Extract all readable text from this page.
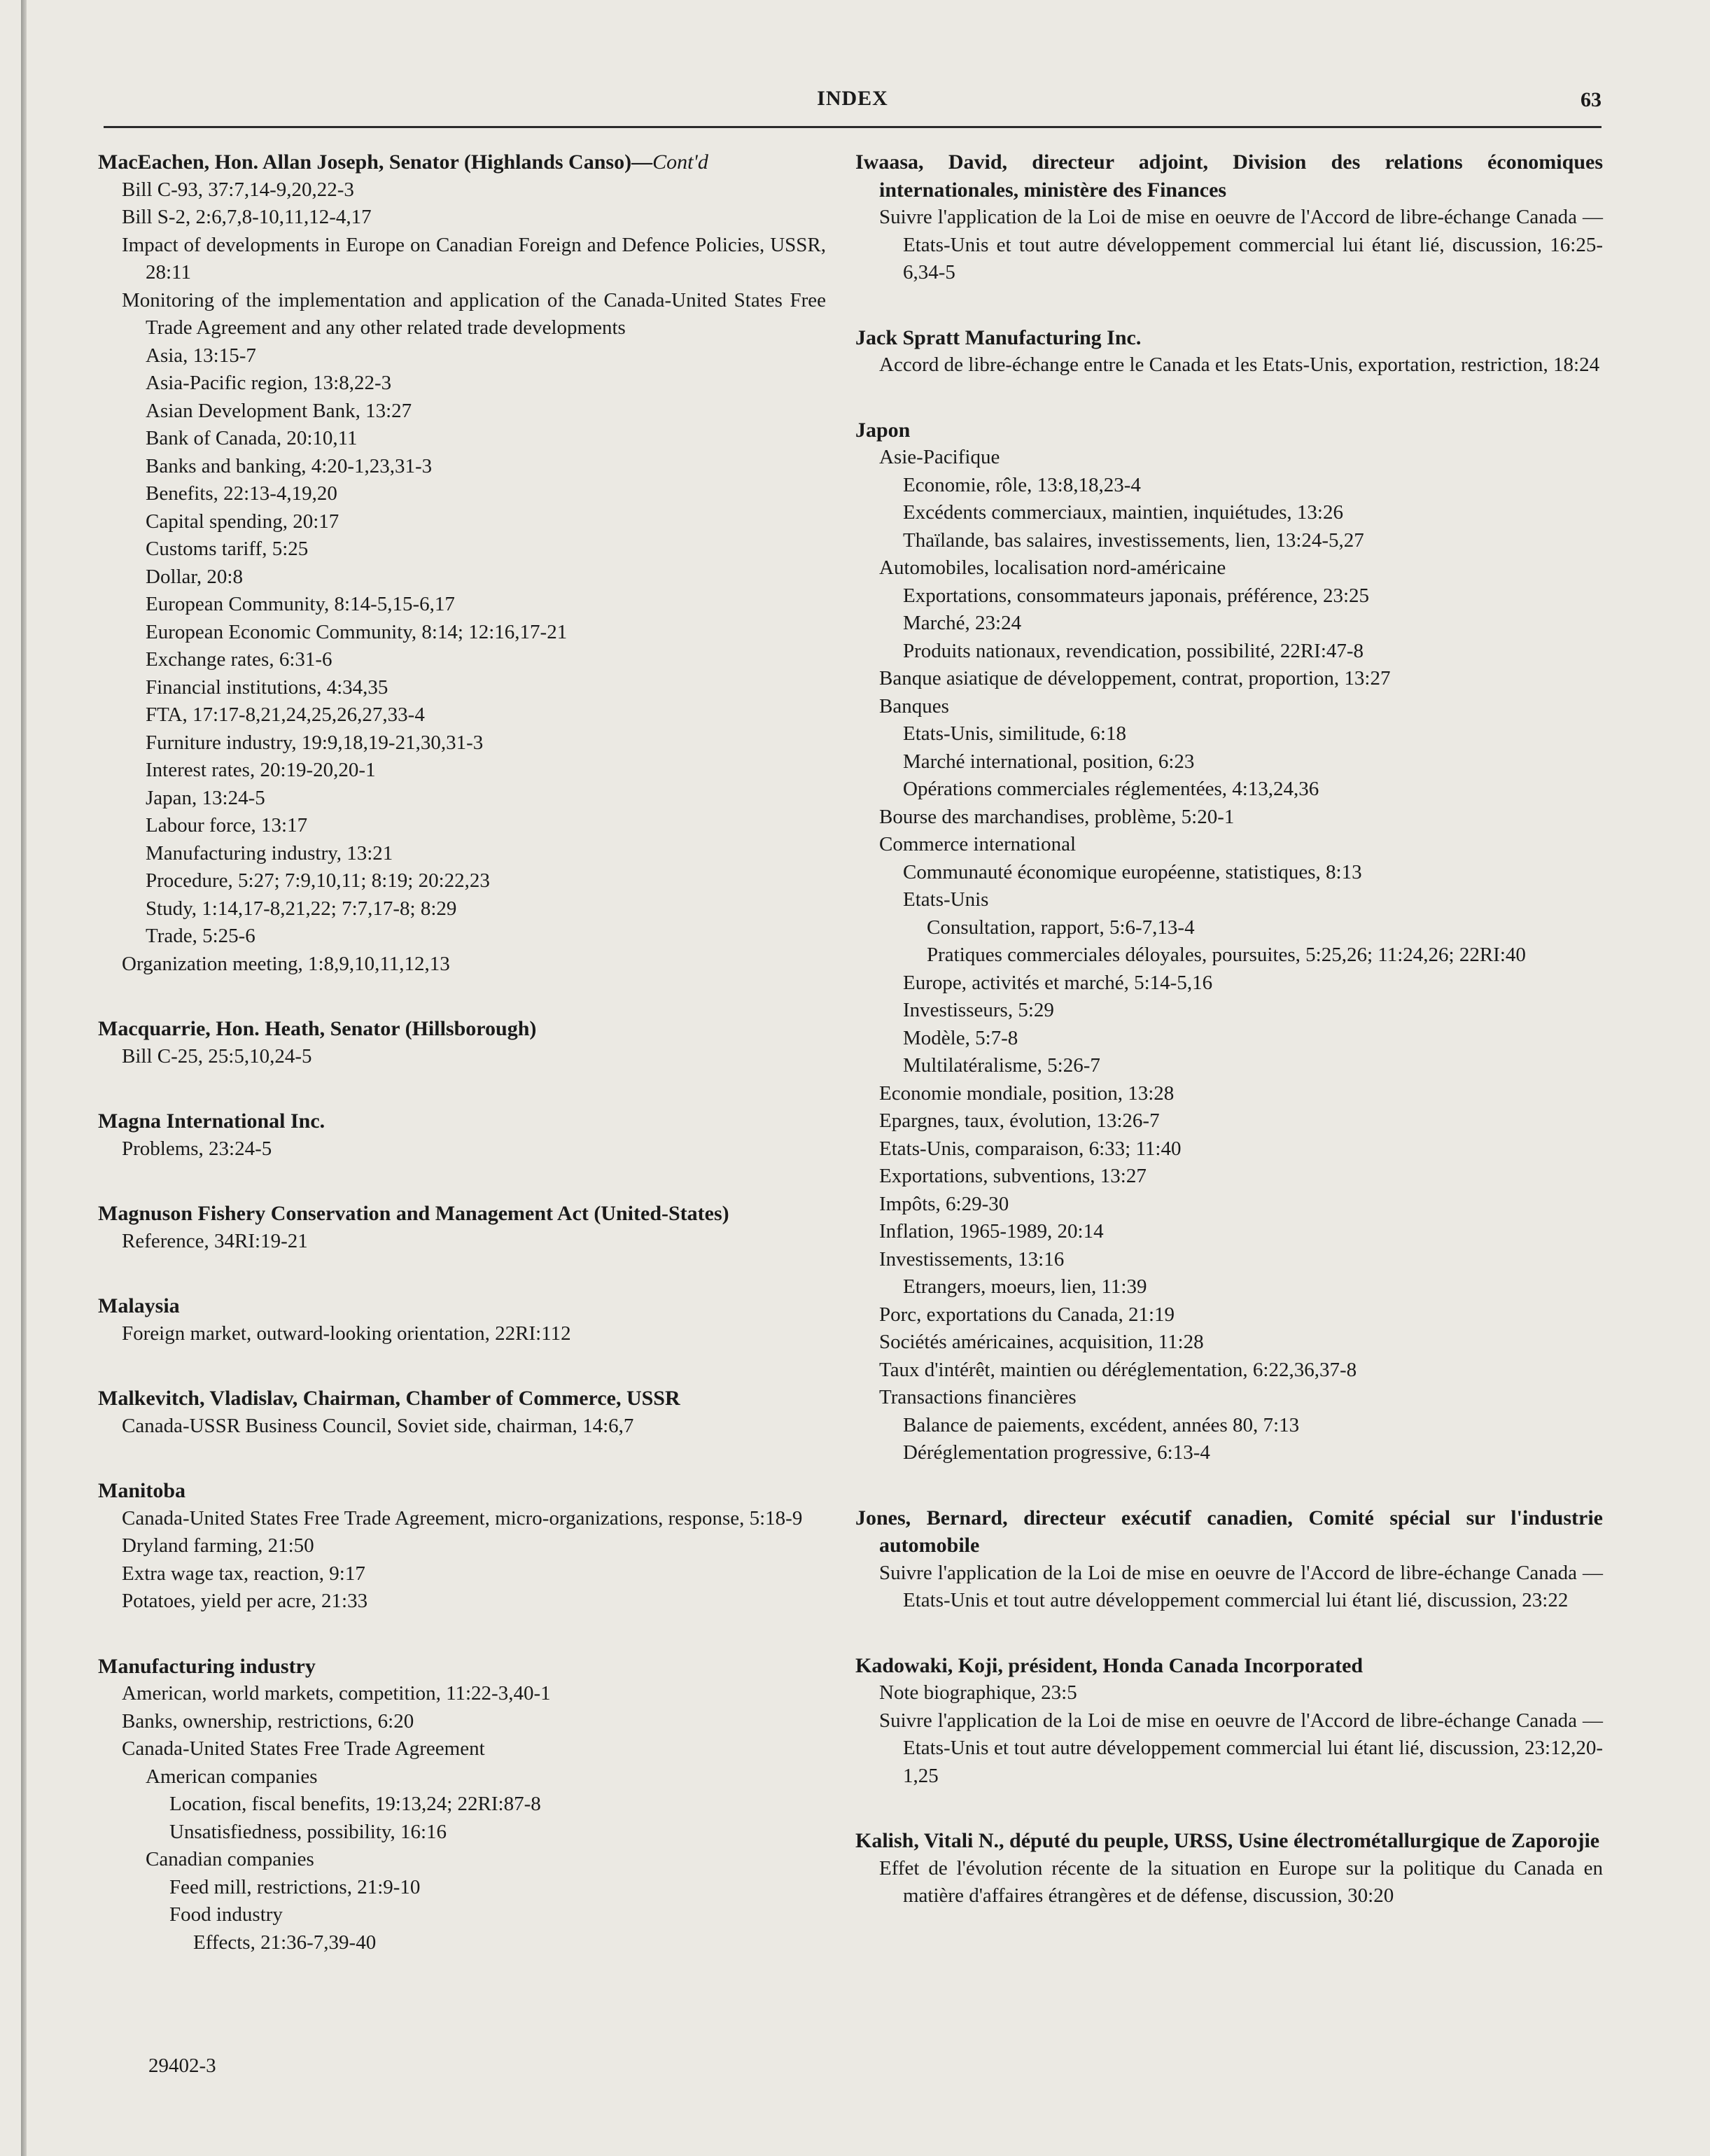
INDEX	63
MacEachen, Hon. Allan Joseph, Senator (Highlands Canso)—Cont'd
Bill C-93, 37:7,14-9,20,22-3
Bill S-2, 2:6,7,8-10,11,12-4,17
Impact of developments in Europe on Canadian Foreign and Defence Policies, USSR, 28:11
Monitoring of the implementation and application of the Canada-United States Free Trade Agreement and any other related trade developments
Asia, 13:15-7
Asia-Pacific region, 13:8,22-3
Asian Development Bank, 13:27
Bank of Canada, 20:10,11
Banks and banking, 4:20-1,23,31-3
Benefits, 22:13-4,19,20
Capital spending, 20:17
Customs tariff, 5:25
Dollar, 20:8
European Community, 8:14-5,15-6,17
European Economic Community, 8:14; 12:16,17-21
Exchange rates, 6:31-6
Financial institutions, 4:34,35
FTA, 17:17-8,21,24,25,26,27,33-4
Furniture industry, 19:9,18,19-21,30,31-3
Interest rates, 20:19-20,20-1
Japan, 13:24-5
Labour force, 13:17
Manufacturing industry, 13:21
Procedure, 5:27; 7:9,10,11; 8:19; 20:22,23
Study, 1:14,17-8,21,22; 7:7,17-8; 8:29
Trade, 5:25-6
Organization meeting, 1:8,9,10,11,12,13
Macquarrie, Hon. Heath, Senator (Hillsborough)
Bill C-25, 25:5,10,24-5
Magna International Inc.
Problems, 23:24-5
Magnuson Fishery Conservation and Management Act (United-States)
Reference, 34RI:19-21
Malaysia
Foreign market, outward-looking orientation, 22RI:112
Malkevitch, Vladislav, Chairman, Chamber of Commerce, USSR
Canada-USSR Business Council, Soviet side, chairman, 14:6,7
Manitoba
Canada-United States Free Trade Agreement, micro-organizations, response, 5:18-9
Dryland farming, 21:50
Extra wage tax, reaction, 9:17
Potatoes, yield per acre, 21:33
Manufacturing industry
American, world markets, competition, 11:22-3,40-1
Banks, ownership, restrictions, 6:20
Canada-United States Free Trade Agreement
American companies
Location, fiscal benefits, 19:13,24; 22RI:87-8
Unsatisfiedness, possibility, 16:16
Canadian companies
Feed mill, restrictions, 21:9-10
Food industry
Effects, 21:36-7,39-40
Iwaasa, David, directeur adjoint, Division des relations économiques internationales, ministère des Finances
Suivre l'application de la Loi de mise en oeuvre de l'Accord de libre-échange Canada — Etats-Unis et tout autre développement commercial lui étant lié, discussion, 16:25-6,34-5
Jack Spratt Manufacturing Inc.
Accord de libre-échange entre le Canada et les Etats-Unis, exportation, restriction, 18:24
Japon
Asie-Pacifique
Economie, rôle, 13:8,18,23-4
Excédents commerciaux, maintien, inquiétudes, 13:26
Thaïlande, bas salaires, investissements, lien, 13:24-5,27
Automobiles, localisation nord-américaine
Exportations, consommateurs japonais, préférence, 23:25
Marché, 23:24
Produits nationaux, revendication, possibilité, 22RI:47-8
Banque asiatique de développement, contrat, proportion, 13:27
Banques
Etats-Unis, similitude, 6:18
Marché international, position, 6:23
Opérations commerciales réglementées, 4:13,24,36
Bourse des marchandises, problème, 5:20-1
Commerce international
Communauté économique européenne, statistiques, 8:13
Etats-Unis
Consultation, rapport, 5:6-7,13-4
Pratiques commerciales déloyales, poursuites, 5:25,26; 11:24,26; 22RI:40
Europe, activités et marché, 5:14-5,16
Investisseurs, 5:29
Modèle, 5:7-8
Multilatéralisme, 5:26-7
Economie mondiale, position, 13:28
Epargnes, taux, évolution, 13:26-7
Etats-Unis, comparaison, 6:33; 11:40
Exportations, subventions, 13:27
Impôts, 6:29-30
Inflation, 1965-1989, 20:14
Investissements, 13:16
Etrangers, moeurs, lien, 11:39
Porc, exportations du Canada, 21:19
Sociétés américaines, acquisition, 11:28
Taux d'intérêt, maintien ou déréglementation, 6:22,36,37-8
Transactions financières
Balance de paiements, excédent, années 80, 7:13
Déréglementation progressive, 6:13-4
Jones, Bernard, directeur exécutif canadien, Comité spécial sur l'industrie automobile
Suivre l'application de la Loi de mise en oeuvre de l'Accord de libre-échange Canada — Etats-Unis et tout autre développement commercial lui étant lié, discussion, 23:22
Kadowaki, Koji, président, Honda Canada Incorporated
Note biographique, 23:5
Suivre l'application de la Loi de mise en oeuvre de l'Accord de libre-échange Canada — Etats-Unis et tout autre développement commercial lui étant lié, discussion, 23:12,20-1,25
Kalish, Vitali N., député du peuple, URSS, Usine électrométallurgique de Zaporojie
Effet de l'évolution récente de la situation en Europe sur la politique du Canada en matière d'affaires étrangères et de défense, discussion, 30:20
29402-3
